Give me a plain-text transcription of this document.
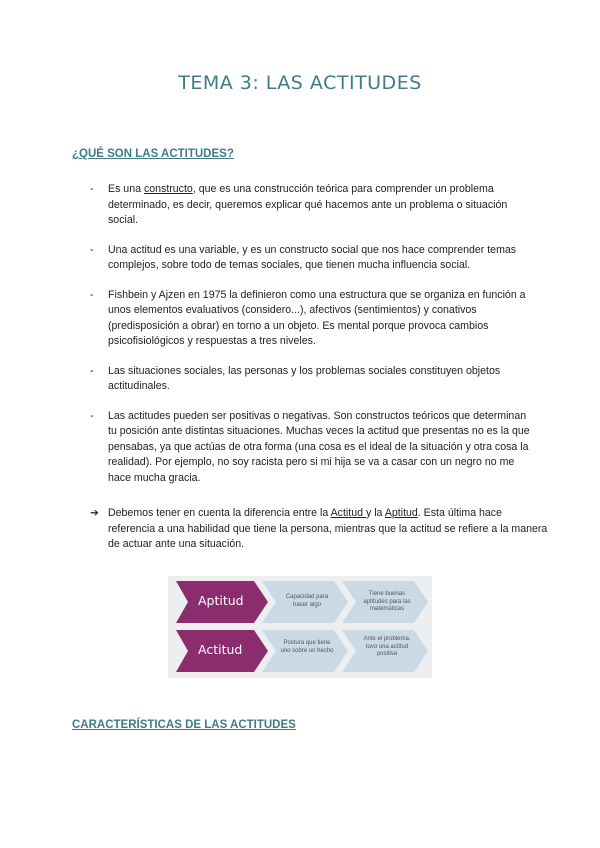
TEMA 3: LAS ACTITUDES
¿QUÉ SON LAS ACTITUDES?
- Es una constructo, que es una construcción teórica para comprender un problema determinado, es decir, queremos explicar qué hacemos ante un problema o situación social.
- Una actitud es una variable, y es un constructo social que nos hace comprender temas complejos, sobre todo de temas sociales, que tienen mucha influencia social.
- Fishbein y Ajzen en 1975 la definieron como una estructura que se organiza en función a unos elementos evaluativos (considero...), afectivos (sentimientos) y conativos (predisposición a obrar) en torno a un objeto. Es mental porque provoca cambios psicofisiológicos y respuestas a tres niveles.
- Las situaciones sociales, las personas y los problemas sociales constituyen objetos actitudinales.
- Las actitudes pueden ser positivas o negativas. Son constructos teóricos que determinan tu posición ante distintas situaciones. Muchas veces la actitud que presentas no es la que pensabas, ya que actúas de otra forma (una cosa es el ideal de la situación y otra cosa la realidad). Por ejemplo, no soy racista pero si mi hija se va a casar con un negro no me hace mucha gracia.
➔ Debemos tener en cuenta la diferencia entre la Actitud y la Aptitud. Esta última hace referencia a una habilidad que tiene la persona, mientras que la actitud se refiere a la manera de actuar ante una situación.
Aptitud	Capacidad para hacer algo
Tiene buenas aptitudes para las matemáticas
Actitud	Postura que tiene uno sobre un hecho
Ante el problema, tuvo una actitud positiva
CARACTERÍSTICAS DE LAS ACTITUDES
